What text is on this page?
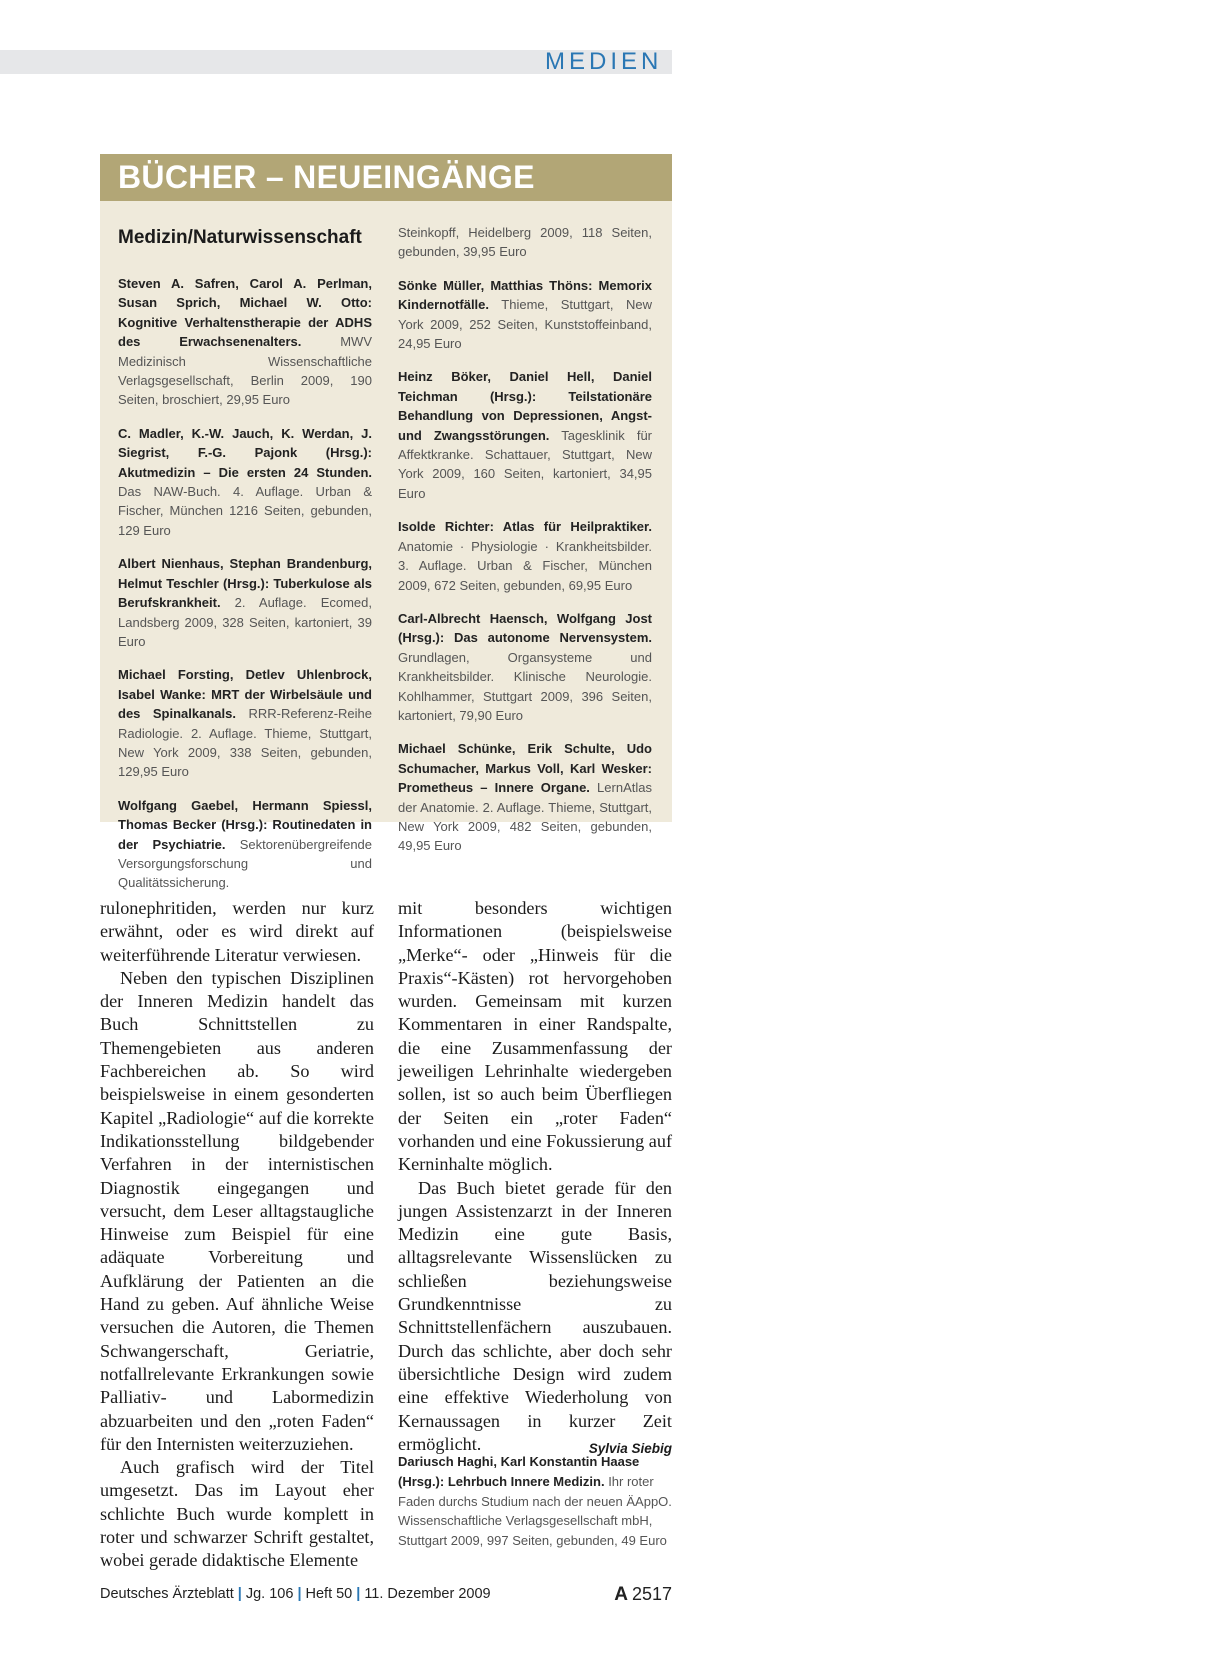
MEDIEN
BÜCHER – NEUEINGÄNGE
Medizin/Naturwissenschaft
Steven A. Safren, Carol A. Perlman, Susan Sprich, Michael W. Otto: Kognitive Verhaltenstherapie der ADHS des Erwachsenenalters. MWV Medizinisch Wissenschaftliche Verlagsgesellschaft, Berlin 2009, 190 Seiten, broschiert, 29,95 Euro
C. Madler, K.-W. Jauch, K. Werdan, J. Siegrist, F.-G. Pajonk (Hrsg.): Akutmedizin – Die ersten 24 Stunden. Das NAW-Buch. 4. Auflage. Urban & Fischer, München 1216 Seiten, gebunden, 129 Euro
Albert Nienhaus, Stephan Brandenburg, Helmut Teschler (Hrsg.): Tuberkulose als Berufskrankheit. 2. Auflage. Ecomed, Landsberg 2009, 328 Seiten, kartoniert, 39 Euro
Michael Forsting, Detlev Uhlenbrock, Isabel Wanke: MRT der Wirbelsäule und des Spinalkanals. RRR-Referenz-Reihe Radiologie. 2. Auflage. Thieme, Stuttgart, New York 2009, 338 Seiten, gebunden, 129,95 Euro
Wolfgang Gaebel, Hermann Spiessl, Thomas Becker (Hrsg.): Routinedaten in der Psychiatrie. Sektorenübergreifende Versorgungsforschung und Qualitätssicherung.
Steinkopff, Heidelberg 2009, 118 Seiten, gebunden, 39,95 Euro
Sönke Müller, Matthias Thöns: Memorix Kindernotfälle. Thieme, Stuttgart, New York 2009, 252 Seiten, Kunststoffeinband, 24,95 Euro
Heinz Böker, Daniel Hell, Daniel Teichman (Hrsg.): Teilstationäre Behandlung von Depressionen, Angst- und Zwangsstörungen. Tagesklinik für Affektkranke. Schattauer, Stuttgart, New York 2009, 160 Seiten, kartoniert, 34,95 Euro
Isolde Richter: Atlas für Heilpraktiker. Anatomie · Physiologie · Krankheitsbilder. 3. Auflage. Urban & Fischer, München 2009, 672 Seiten, gebunden, 69,95 Euro
Carl-Albrecht Haensch, Wolfgang Jost (Hrsg.): Das autonome Nervensystem. Grundlagen, Organsysteme und Krankheitsbilder. Klinische Neurologie. Kohlhammer, Stuttgart 2009, 396 Seiten, kartoniert, 79,90 Euro
Michael Schünke, Erik Schulte, Udo Schumacher, Markus Voll, Karl Wesker: Prometheus – Innere Organe. LernAtlas der Anatomie. 2. Auflage. Thieme, Stuttgart, New York 2009, 482 Seiten, gebunden, 49,95 Euro

rulonephritiden, werden nur kurz erwähnt, oder es wird direkt auf weiterführende Literatur verwiesen.

Neben den typischen Disziplinen der Inneren Medizin handelt das Buch Schnittstellen zu Themengebieten aus anderen Fachbereichen ab. So wird beispielsweise in einem gesonderten Kapitel „Radiologie“ auf die korrekte Indikationsstellung bildgebender Verfahren in der internistischen Diagnostik eingegangen und versucht, dem Leser alltagstaugliche Hinweise zum Beispiel für eine adäquate Vorbereitung und Aufklärung der Patienten an die Hand zu geben. Auf ähnliche Weise versuchen die Autoren, die Themen Schwangerschaft, Geriatrie, notfallrelevante Erkrankungen sowie Palliativ- und Labormedizin abzuarbeiten und den „roten Faden“ für den Internisten weiterzuziehen.

Auch grafisch wird der Titel umgesetzt. Das im Layout eher schlichte Buch wurde komplett in roter und schwarzer Schrift gestaltet, wobei gerade didaktische Elemente

mit besonders wichtigen Informationen (beispielsweise „Merke“- oder „Hinweis für die Praxis“-Kästen) rot hervorgehoben wurden. Gemeinsam mit kurzen Kommentaren in einer Randspalte, die eine Zusammenfassung der jeweiligen Lehrinhalte wiedergeben sollen, ist so auch beim Überfliegen der Seiten ein „roter Faden“ vorhanden und eine Fokussierung auf Kerninhalte möglich.

Das Buch bietet gerade für den jungen Assistenzarzt in der Inneren Medizin eine gute Basis, alltagsrelevante Wissenslücken zu schließen beziehungsweise Grundkenntnisse zu Schnittstellenfächern auszubauen. Durch das schlichte, aber doch sehr übersichtliche Design wird zudem eine effektive Wiederholung von Kernaussagen in kurzer Zeit ermöglicht.	Sylvia Siebig

Dariusch Haghi, Karl Konstantin Haase (Hrsg.): Lehrbuch Innere Medizin. Ihr roter Faden durchs Studium nach der neuen ÄAppO. Wissenschaftliche Verlagsgesellschaft mbH, Stuttgart 2009, 997 Seiten, gebunden, 49 Euro
Deutsches Ärzteblatt | Jg. 106 | Heft 50 | 11. Dezember 2009	A 2517
